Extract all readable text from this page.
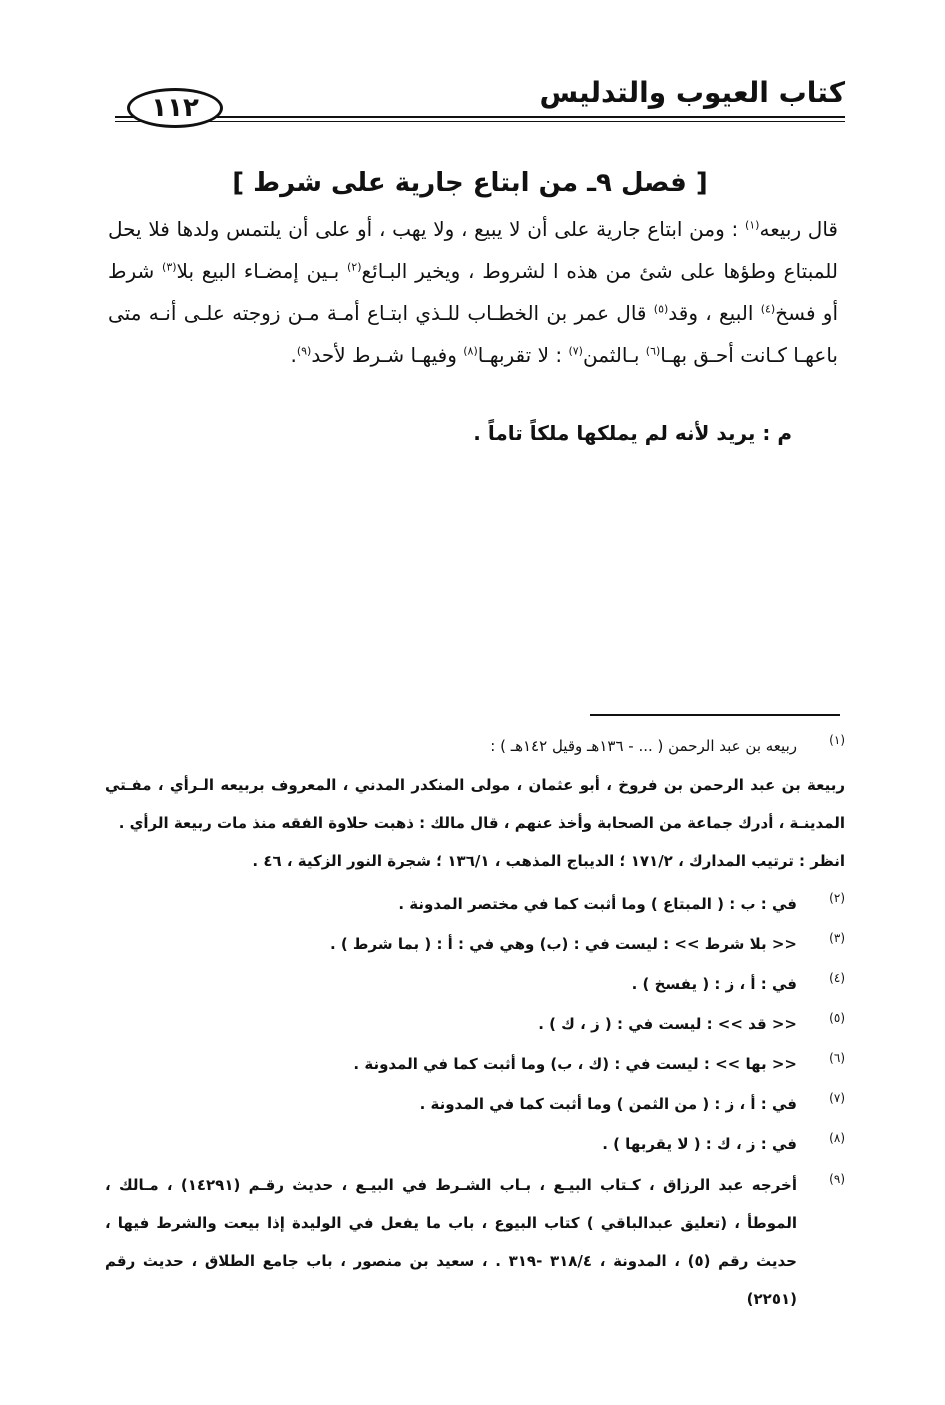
كتاب العيوب والتدليس
١١٢
[ فصل ٩ـ من ابتاع جارية على شرط ]
قال ربيعه$^{(١)}$ : ومن ابتاع جارية على أن لا يبيع ، ولا يهب ، أو على أن يلتمس ولدها فلا يحل للمبتاع وطؤها على شئ من هذه ا لشروط ، ويخير البـائع$^{(٢)}$ بـين إمضـاء البيع بلا$^{(٣)}$ شرط أو فسخ$^{(٤)}$ البيع ، وقد$^{(٥)}$ قال عمر بن الخطـاب للـذي ابتـاع أمـة مـن زوجته علـى أنـه متى باعهـا كـانت أحـق بهـا$^{(٦)}$ بـالثمن$^{(٧)}$ : لا تقربهـا$^{(٨)}$ وفيهـا شـرط لأحد$^{(٩)}$.
م : يريد لأنه لم يملكها ملكاً تاماً .
(١)
ربيعه بن عبد الرحمن ( ... - ١٣٦هـ وقيل ١٤٢هـ ) :
ربيعة بن عبد الرحمن بن فروخ ، أبو عثمان ، مولى المنكدر المدني ، المعروف بربيعه الـرأي ، مفـتي المدينـة ، أدرك جماعة من الصحابة وأخذ عنهم ، قال مالك : ذهبت حلاوة الفقه منذ مات ربيعة الرأي .
انظر : ترتيب المدارك ، ١٧١/٢ ؛ الديباج المذهب ، ١٣٦/١ ؛ شجرة النور الزكية ، ٤٦ .
(٢)
في : ب : ( المبتاع ) وما أثبت كما في مختصر المدونة .
(٣)
<< بلا شرط >> : ليست في : (ب) وهي في : أ : ( بما شرط ) .
(٤)
في : أ ، ز : ( يفسخ ) .
(٥)
<< قد >> : ليست في : ( ز ، ك ) .
(٦)
<< بها >> : ليست في : (ك ، ب) وما أثبت كما في المدونة .
(٧)
في : أ ، ز : ( من الثمن ) وما أثبت كما في المدونة .
(٨)
في : ز ، ك : ( لا يقربها ) .
(٩)
أخرجه عبد الرزاق ، كـتاب البيـع ، بـاب الشـرط في البيـع ، حديث رقـم (١٤٢٩١) ، مـالك ، الموطأ ، (تعليق عبدالباقي ) كتاب البيوع ، باب ما يفعل في الوليدة إذا بيعت والشرط فيها ، حديث رقم (٥) ، المدونة ، ٣١٨/٤ -٣١٩ . ، سعيد بن منصور ، باب جامع الطلاق ، حديث رقم (٢٢٥١)
